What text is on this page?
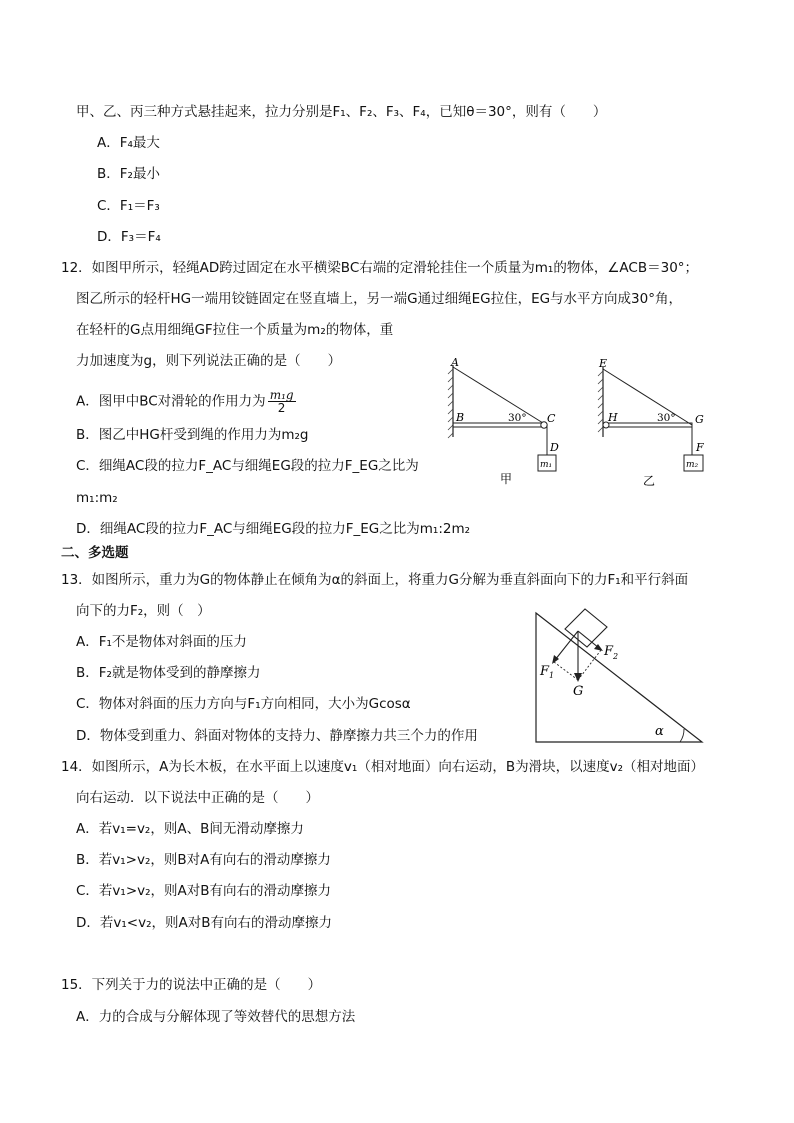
甲、乙、丙三种方式悬挂起来，拉力分别是F₁、F₂、F₃、F₄，已知θ＝30°，则有（　　）
A．F₄最大
B．F₂最小
C．F₁＝F₃
D．F₃＝F₄
12．如图甲所示，轻绳AD跨过固定在水平横梁BC右端的定滑轮挂住一个质量为m₁的物体，∠ACB＝30°；
图乙所示的轻杆HG一端用铰链固定在竖直墙上，另一端G通过细绳EG拉住，EG与水平方向成30°角，
在轻杆的G点用细绳GF拉住一个质量为m₂的物体，重
力加速度为g，则下列说法正确的是（　　）
A．图甲中BC对滑轮的作用力为 $\frac{\text{m₁g}}{2}$
B．图乙中HG杆受到绳的作用力为m₂g
C．细绳AC段的拉力F_AC与细绳EG段的拉力F_EG之比为
m₁:m₂
D．细绳AC段的拉力F_AC与细绳EG段的拉力F_EG之比为m₁:2m₂
A
B	C
D
30°
m₁
甲
E
H	G
F
30°
m₂
乙
二、多选题
13．如图所示，重力为G的物体静止在倾角为α的斜面上，将重力G分解为垂直斜面向下的力F₁和平行斜面
向下的力F₂，则（　）
A．F₁不是物体对斜面的压力
B．F₂就是物体受到的静摩擦力
C．物体对斜面的压力方向与F₁方向相同，大小为Gcosα
D．物体受到重力、斜面对物体的支持力、静摩擦力共三个力的作用
$F_1$
$F_2$
G
α
14．如图所示，A为长木板，在水平面上以速度v₁（相对地面）向右运动，B为滑块，以速度v₂（相对地面）
向右运动．以下说法中正确的是（　　）
A．若v₁=v₂，则A、B间无滑动摩擦力
B．若v₁>v₂，则B对A有向右的滑动摩擦力
C．若v₁>v₂，则A对B有向右的滑动摩擦力
D．若v₁<v₂，则A对B有向右的滑动摩擦力
15．下列关于力的说法中正确的是（　　）
A．力的合成与分解体现了等效替代的思想方法
